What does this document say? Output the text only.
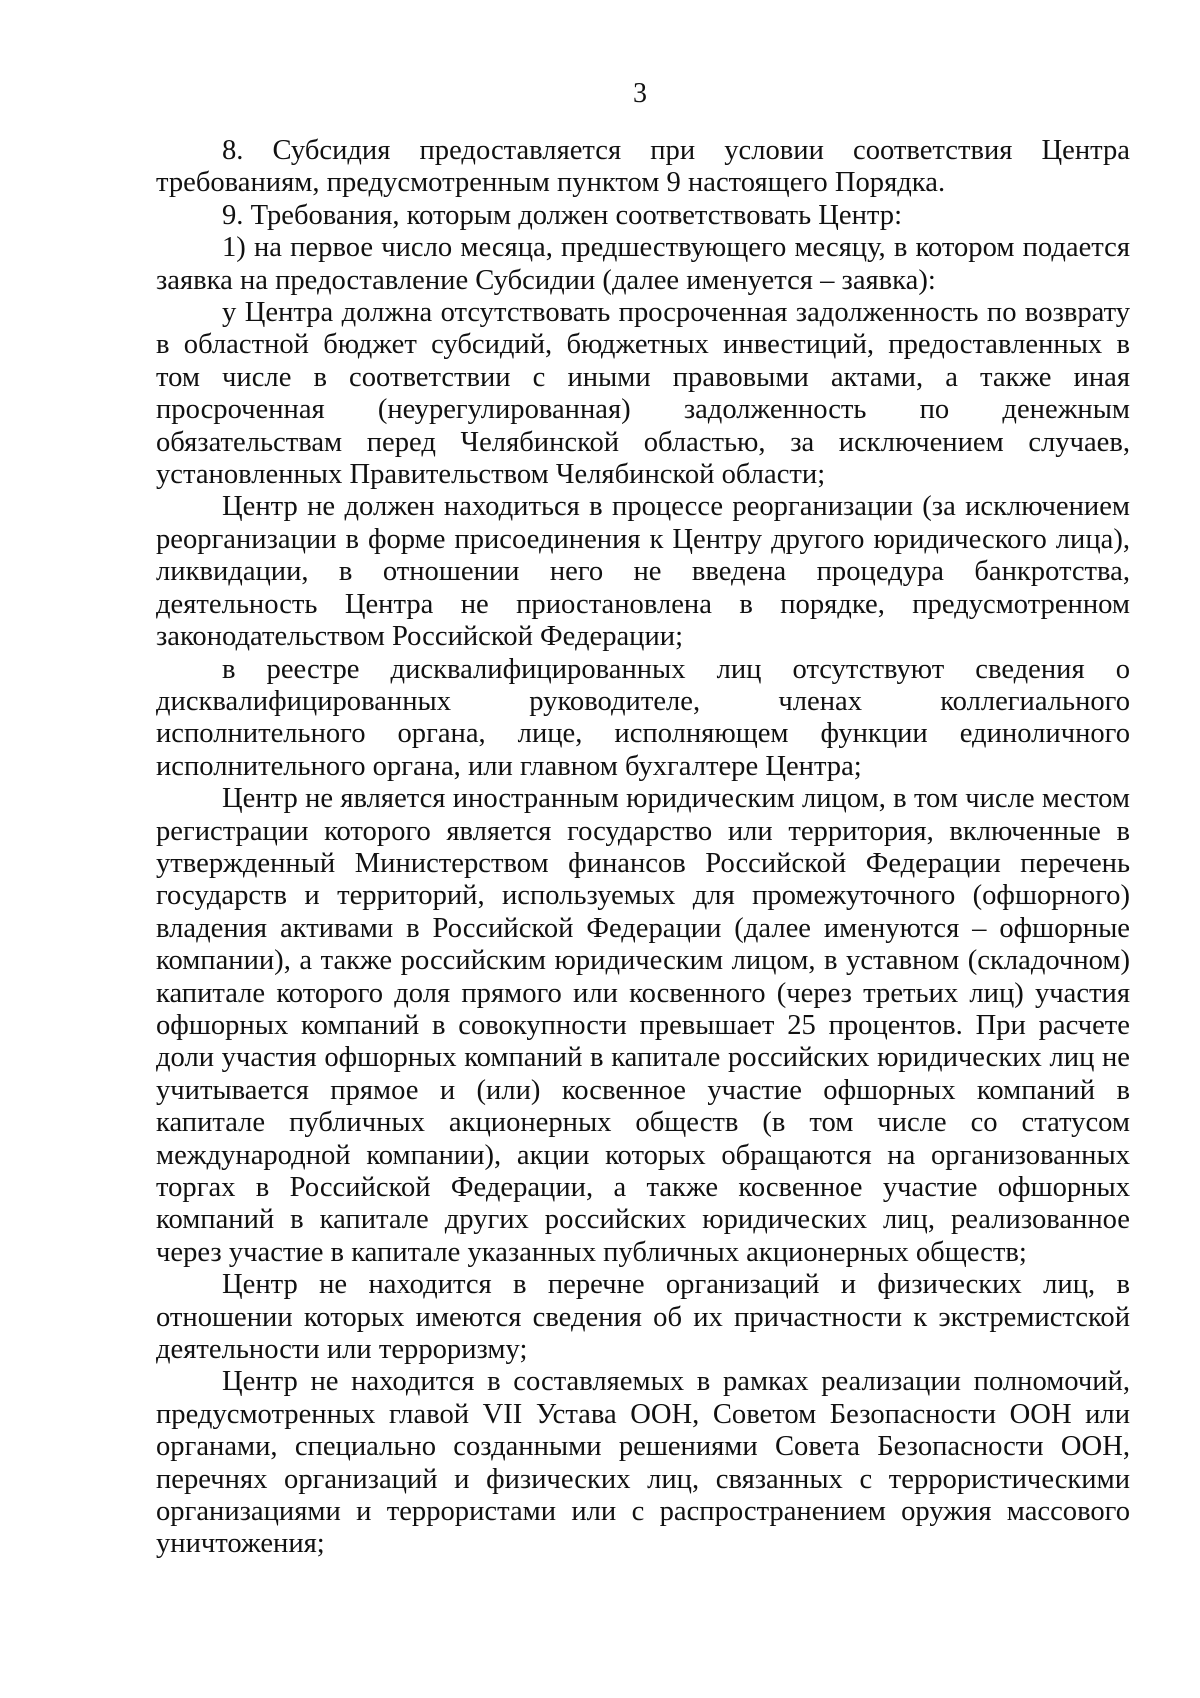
3

8. Субсидия предоставляется при условии соответствия Центра требованиям, предусмотренным пунктом 9 настоящего Порядка.

9. Требования, которым должен соответствовать Центр:

1) на первое число месяца, предшествующего месяцу, в котором подается заявка на предоставление Субсидии (далее именуется – заявка):

у Центра должна отсутствовать просроченная задолженность по возврату в областной бюджет субсидий, бюджетных инвестиций, предоставленных в том числе в соответствии с иными правовыми актами, а также иная просроченная (неурегулированная) задолженность по денежным обязательствам перед Челябинской областью, за исключением случаев, установленных Правительством Челябинской области;

Центр не должен находиться в процессе реорганизации (за исключением реорганизации в форме присоединения к Центру другого юридического лица), ликвидации, в отношении него не введена процедура банкротства, деятельность Центра не приостановлена в порядке, предусмотренном законодательством Российской Федерации;

в реестре дисквалифицированных лиц отсутствуют сведения о дисквалифицированных руководителе, членах коллегиального исполнительного органа, лице, исполняющем функции единоличного исполнительного органа, или главном бухгалтере Центра;

Центр не является иностранным юридическим лицом, в том числе местом регистрации которого является государство или территория, включенные в утвержденный Министерством финансов Российской Федерации перечень государств и территорий, используемых для промежуточного (офшорного) владения активами в Российской Федерации (далее именуются – офшорные компании), а также российским юридическим лицом, в уставном (складочном) капитале которого доля прямого или косвенного (через третьих лиц) участия офшорных компаний в совокупности превышает 25 процентов. При расчете доли участия офшорных компаний в капитале российских юридических лиц не учитывается прямое и (или) косвенное участие офшорных компаний в капитале публичных акционерных обществ (в том числе со статусом международной компании), акции которых обращаются на организованных торгах в Российской Федерации, а также косвенное участие офшорных компаний в капитале других российских юридических лиц, реализованное через участие в капитале указанных публичных акционерных обществ;

Центр не находится в перечне организаций и физических лиц, в отношении которых имеются сведения об их причастности к экстремистской деятельности или терроризму;

Центр не находится в составляемых в рамках реализации полномочий, предусмотренных главой VII Устава ООН, Советом Безопасности ООН или органами, специально созданными решениями Совета Безопасности ООН, перечнях организаций и физических лиц, связанных с террористическими организациями и террористами или с распространением оружия массового уничтожения;
